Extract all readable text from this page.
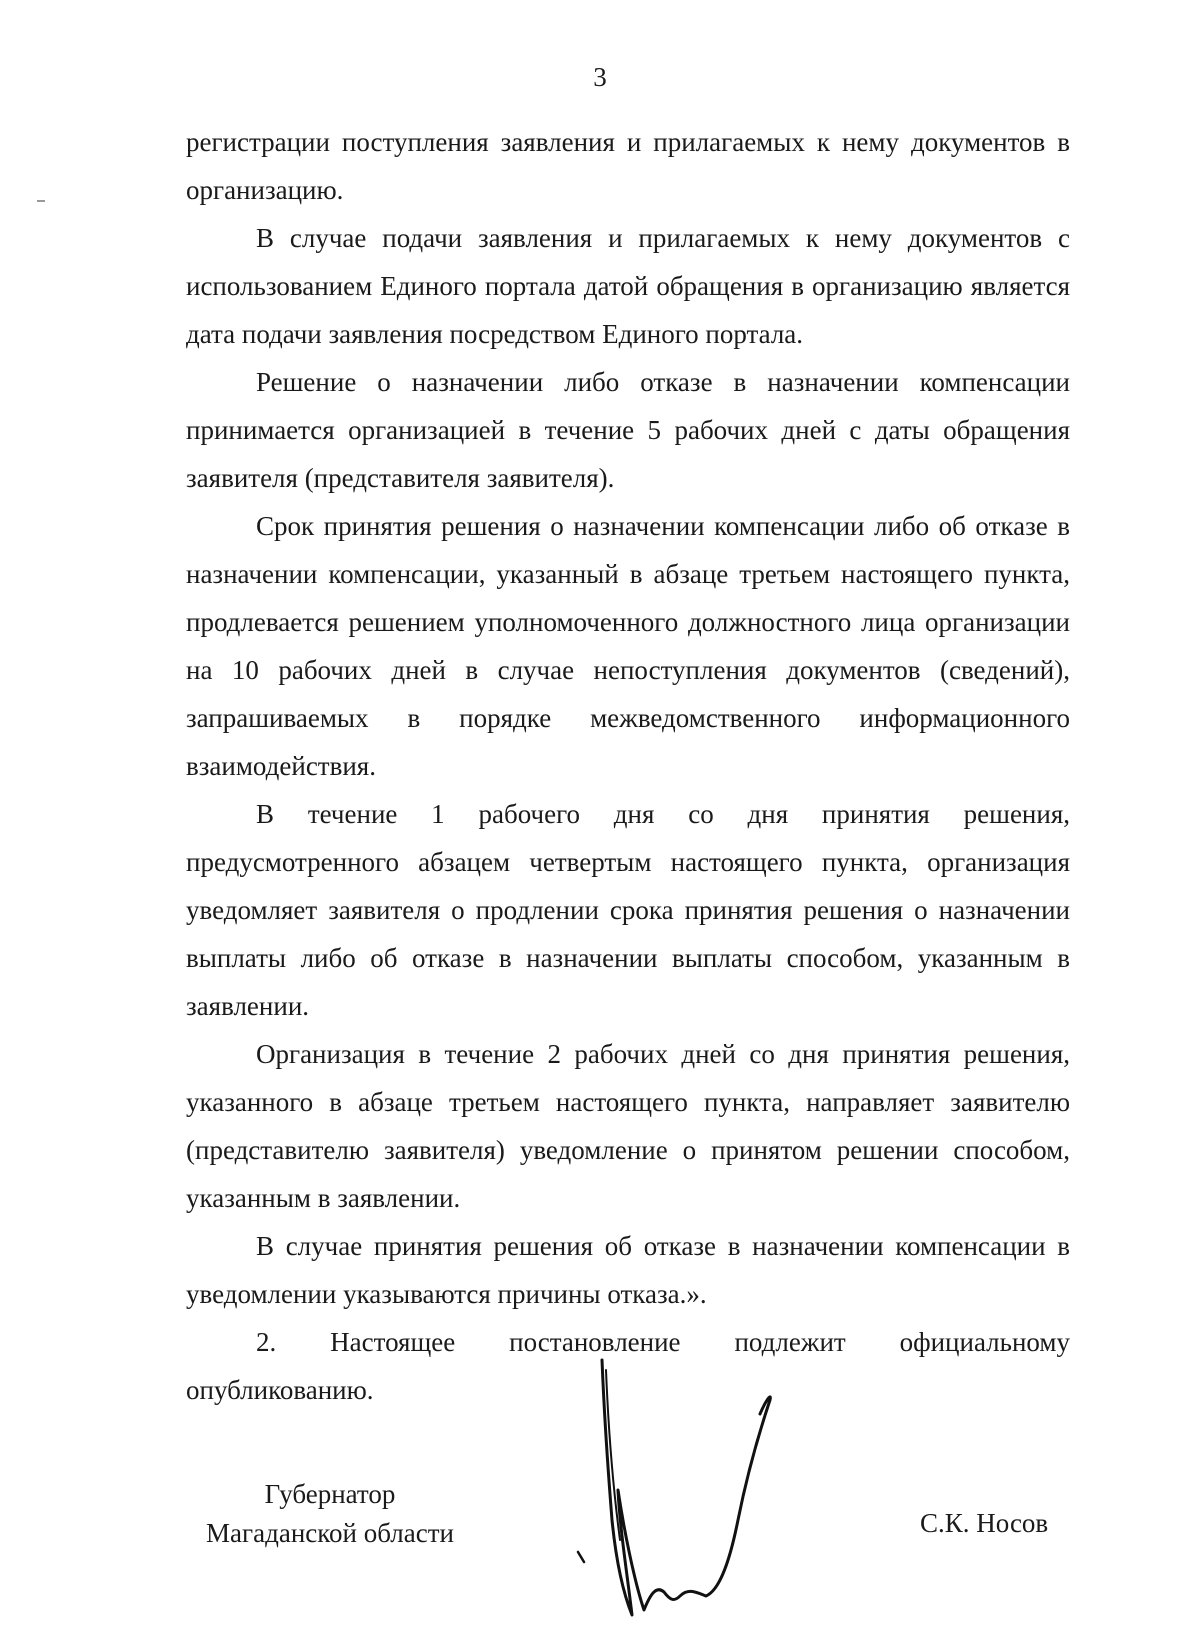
3

регистрации поступления заявления и прилагаемых к нему документов в организацию.

В случае подачи заявления и прилагаемых к нему документов с использованием Единого портала датой обращения в организацию является дата подачи заявления посредством Единого портала.

Решение о назначении либо отказе в назначении компенсации принимается организацией в течение 5 рабочих дней с даты обращения заявителя (представителя заявителя).

Срок принятия решения о назначении компенсации либо об отказе в назначении компенсации, указанный в абзаце третьем настоящего пункта, продлевается решением уполномоченного должностного лица организации на 10 рабочих дней в случае непоступления документов (сведений), запрашиваемых в порядке межведомственного информационного взаимодействия.

В течение 1 рабочего дня со дня принятия решения, предусмотренного абзацем четвертым настоящего пункта, организация уведомляет заявителя о продлении срока принятия решения о назначении выплаты либо об отказе в назначении выплаты способом, указанным в заявлении.

Организация в течение 2 рабочих дней со дня принятия решения, указанного в абзаце третьем настоящего пункта, направляет заявителю (представителю заявителя) уведомление о принятом решении способом, указанным в заявлении.

В случае принятия решения об отказе в назначении компенсации в уведомлении указываются причины отказа.».

2. Настоящее постановление подлежит официальному опубликованию.

Губернатор
Магаданской области	С.К. Носов
